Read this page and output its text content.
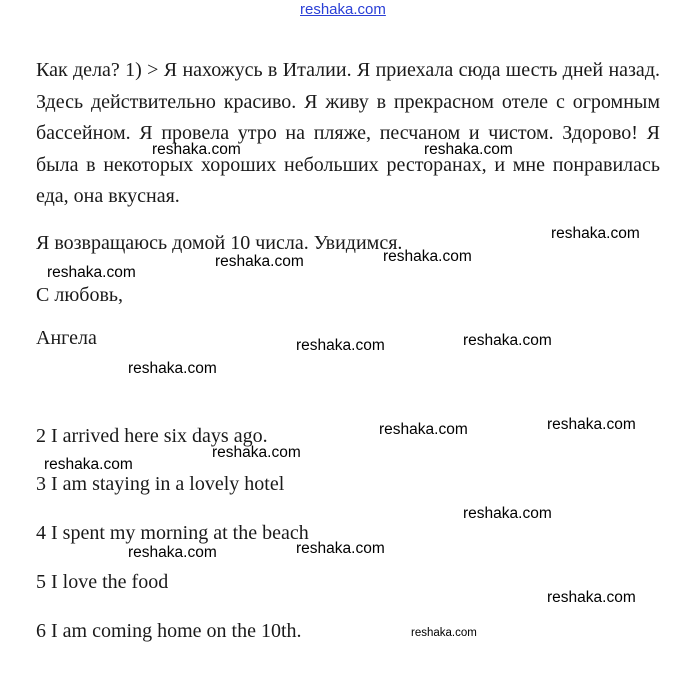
reshaka.com

Как дела? 1) > Я нахожусь в Италии. Я приехала сюда шесть дней назад. Здесь действительно красиво. Я живу в прекрасном отеле с огромным бассейном. Я провела утро на пляже, песчаном и чистом. Здорово! Я была в некоторых хороших небольших ресторанах, и мне понравилась еда, она вкусная.

Я возвращаюсь домой 10 числа. Увидимся.

С любовь,

Ангела

2 I arrived here six days ago.

3 I am staying in a lovely hotel

4 I spent my morning at the beach

5 I love the food

6 I am coming home on the 10th.

reshaka.com	reshaka.com
reshaka.com
reshaka.com	reshaka.com
reshaka.com
reshaka.com	reshaka.com
reshaka.com
reshaka.com	reshaka.com
reshaka.com
reshaka.com
reshaka.com
reshaka.com	reshaka.com
reshaka.com
reshaka.com
